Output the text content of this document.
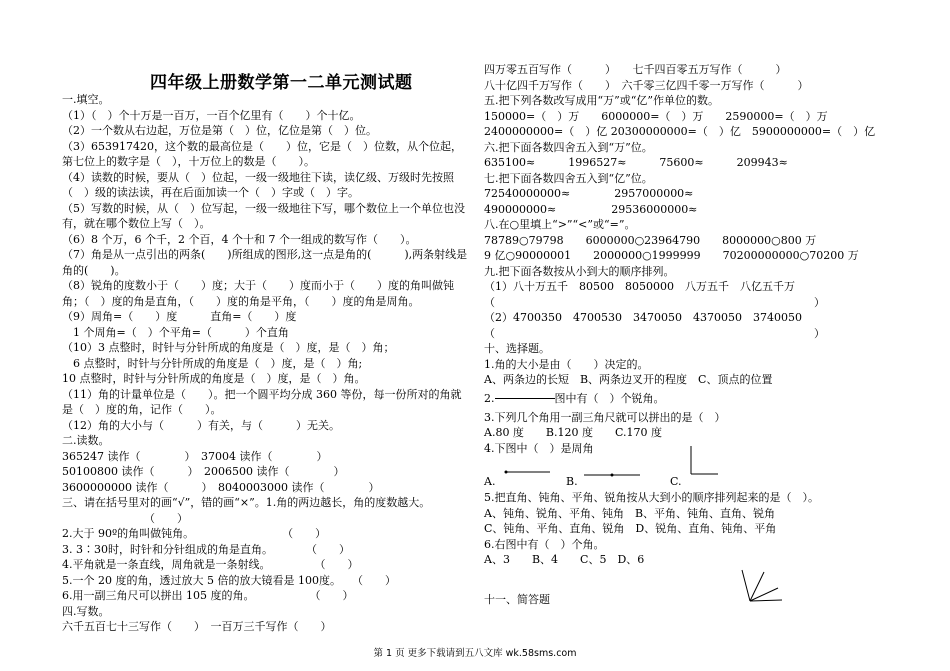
四年级上册数学第一二单元测试题
一.填空。
（1）（　）个十万是一百万，一百个亿里有（　　）个十亿。
（2）一个数从右边起，万位是第（　）位，亿位是第（　）位。
（3）653917420，这个数的最高位是（　　）位，它是（　）位数，从个位起，
第七位上的数字是（　），十万位上的数是（　　）。
（4）读数的时候，要从（　）位起，一级一级地往下读，读亿级、万级时先按照（　）级的读法读，再在后面加读一个（　）字或（　）字。
（5）写数的时候，从（　）位写起，一级一级地往下写，哪个数位上一个单位也没有，就在哪个数位上写（　）。
（6）8 个万，6 个千，2 个百，4 个十和 7 个一组成的数写作（　　）。
（7）角是从一点引出的两条(　　)所组成的图形,这一点是角的(　　　),两条射线是角的(　　)。
（8）锐角的度数小于（　　）度；大于（　　）度而小于（　　）度的角叫做钝角；（　）度的角是直角，（　　）度的角是平角，（　　）度的角是周角。
（9）周角=（　　）度　　　直角=（　　）度
　1 个周角=（　）个平角=（　　　）个直角
（10）3 点整时，时针与分针所成的角度是（　）度，是（　）角；
　6 点整时，时针与分针所成的角度是（　）度，是（　）角;
10 点整时，时针与分针所成的角度是（　）度，是（　）角。
（11）角的计量单位是（　　）。把一个圆平均分成 360 等份，每一份所对的角就是（　）度的角，记作（　　）。
（12）角的大小与（　　　）有关，与（　　　）无关。
二.读数。
365247 读作（　　　　）　37004 读作（　　　　）
50100800 读作（　　　）　2006500 读作（　　　　）
3600000000 读作（　　　）　8040003000 读作（　　　　）
三、请在括号里对的画“√”，错的画“×”。1.角的两边越长，角的度数越大。
（　　）
2.大于 90º的角叫做钝角。　　　　　　　　　（　　）
3. 3∶30时，时针和分针组成的角是直角。　　　　（　　）
4.平角就是一条直线，周角就是一条射线。　　　　　（　　）
5.一个 20 度的角，透过放大 5 倍的放大镜看是 100度。　　（　　）
6.用一副三角尺可以拼出 105 度的角。　　　　　　（　　）
四.写数。
六千五百七十三写作（　　）　一百万三千写作（　　）
四万零五百写作（　　　）　　七千四百零五万写作（　　　）
八十亿四千万写作（　　）　六千零三亿四千零一万写作（　　　）
五.把下列各数改写成用“万”或“亿”作单位的数。
150000=（　）万　　6000000=（　）万　　2590000=（　）万
2400000000=（　）亿 20300000000=（　）亿　5900000000=（　）亿
六.把下面各数四舍五入到“万”位。
635100≈　　　1996527≈　　　75600≈　　　209943≈
七.把下面各数四舍五入到“亿”位。
72540000000≈　　　　2957000000≈
490000000≈　　　　　29536000000≈
八.在○里填上“>”“<”或“=”。
78789○79798　　6000000○23964790　　8000000○800 万
9 亿○90000001　　2000000○1999999　　70200000000○70200 万
九.把下面各数按从小到大的顺序排列。
（1）八十万五千　80500　8050000　八万五千　八亿五千万
（　　　　　　　　　　　　　　　　　　　　　　　　　　　　　）
（2）4700350　4700530　3470050　4370050　3740050
（　　　　　　　　　　　　　　　　　　　　　　　　　　　　　）
十、选择题。
1.角的大小是由（　　）决定的。
A、两条边的长短　B、两条边叉开的程度　C、顶点的位置
2.	图中有（　）个锐角。
3.下列几个角用一副三角尺就可以拼出的是（　）
A.80 度　　B.120 度　　C.170 度
4.下图中（　）是周角
A.	B.	C.
5.把直角、钝角、平角、锐角按从大到小的顺序排列起来的是（　）。
A、钝角、锐角、平角、钝角　B、平角、钝角、直角、锐角
C、钝角、平角、直角、锐角　D、锐角、直角、钝角、平角
6.右图中有（　）个角。
A、3　　B、4　　C、5　D、6
十一、简答题
第 1 页 更多下载请到五八文库 wk.58sms.com
